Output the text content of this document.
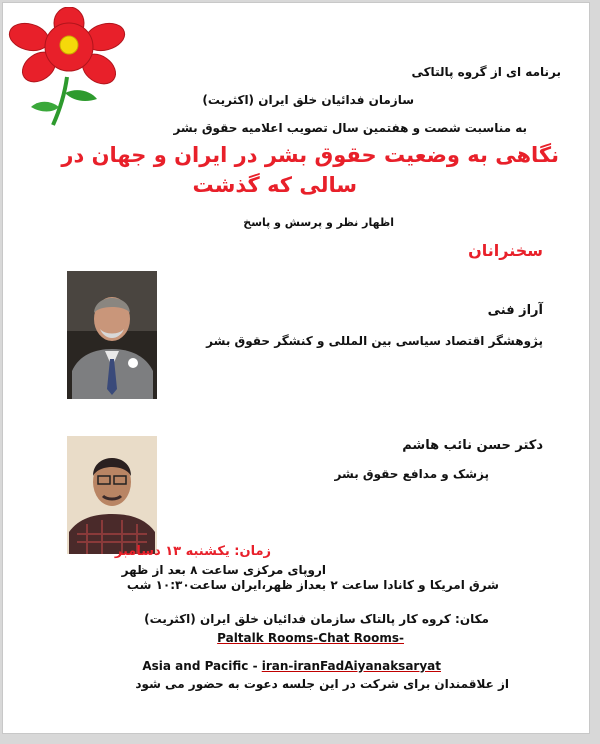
برنامه ای از گروه پالتاکی
سازمان فدائیان خلق ایران (اکثریت)
به مناسبت شصت و هفتمین سال تصویب اعلامیه حقوق بشر
نگاهی به وضعیت حقوق بشر در ایران و جهان در
سالی که گذشت
اظهار نظر و پرسش و پاسخ
سخنرانان
آراز فنی
پژوهشگر اقتصاد سیاسی بین المللی و کنشگر حقوق بشر
دکتر حسن نائب هاشم
پزشک و مدافع حقوق بشر
زمان: یکشنبه ۱۳ دسامبر
اروپای مرکزی ساعت ۸ بعد از ظهر
شرق امریکا و کانادا ساعت ۲ بعداز ظهر،ایران ساعت۱۰:۳۰ شب
مکان: کروه کار پالتاک سازمان فدائیان خلق ایران (اکثریت)
Paltalk Rooms-Chat Rooms-
Asia and Pacific - iran-iranFadAiyanaksaryat
از علاقمندان برای شرکت در این جلسه دعوت به حضور می شود
